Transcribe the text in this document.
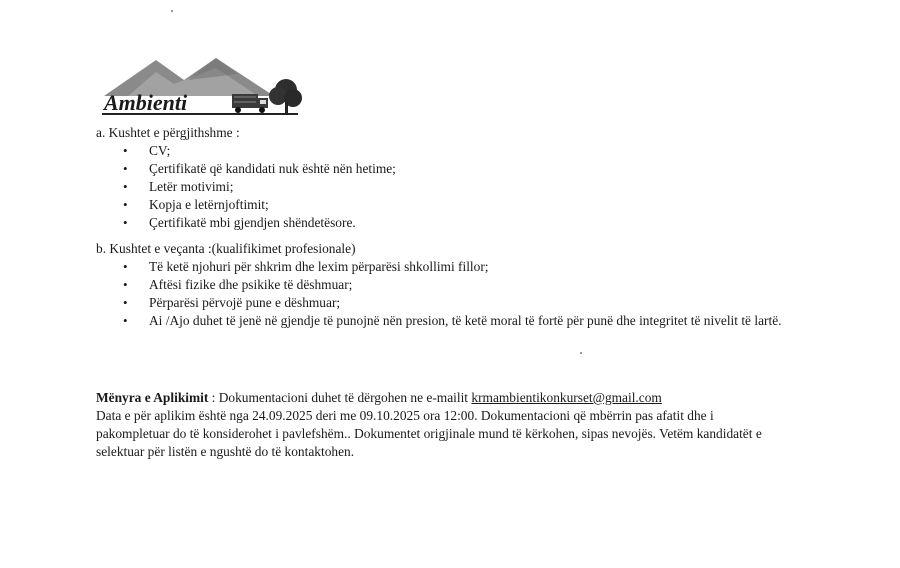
Ambienti

a. Kushtet e përgjithshme :

• CV;
• Çertifikatë që kandidati nuk është nën hetime;
• Letër motivimi;
• Kopja e letërnjoftimit;
• Çertifikatë mbi gjendjen shëndetësore.

b. Kushtet e veçanta :(kualifikimet profesionale)

• Të ketë njohuri për shkrim dhe lexim përparësi shkollimi fillor;
• Aftësi fizike dhe psikike të dëshmuar;
• Përparësi përvojë pune e dëshmuar;
• Ai /Ajo duhet të jenë në gjendje të punojnë nën presion, të ketë moral të fortë për punë dhe integritet të nivelit të lartë.

Mënyra e Aplikimit : Dokumentacioni duhet të dërgohen ne e-mailit krmambientikonkurset@gmail.com

Data e për aplikim është nga 24.09.2025 deri me 09.10.2025 ora 12:00. Dokumentacioni që mbërrin pas afatit dhe i pakompletuar do të konsiderohet i pavlefshëm.. Dokumentet origjinale mund të kërkohen, sipas nevojës. Vetëm kandidatët e selektuar për listën e ngushtë do të kontaktohen.
